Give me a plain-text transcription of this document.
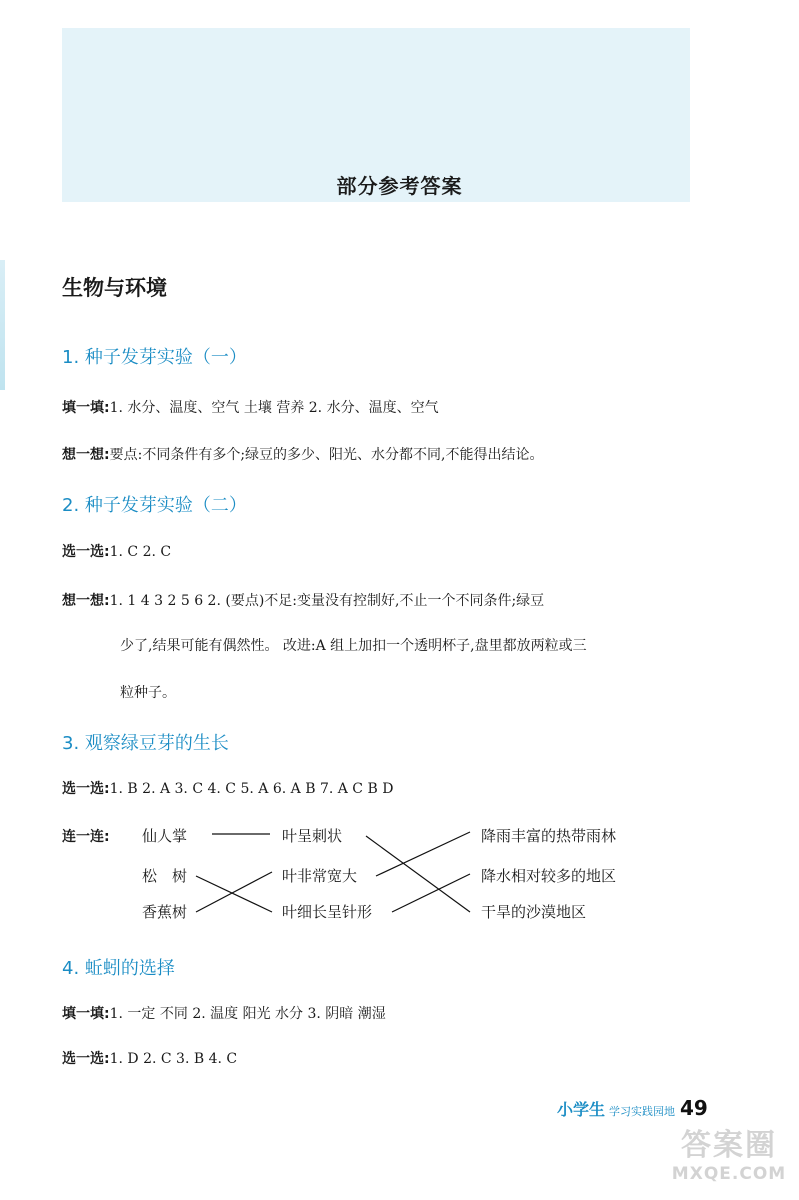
部分参考答案
生物与环境
1. 种子发芽实验（一）
填一填:1. 水分、温度、空气 土壤 营养 2. 水分、温度、空气
想一想:要点:不同条件有多个;绿豆的多少、阳光、水分都不同,不能得出结论。
2. 种子发芽实验（二）
选一选:1. C 2. C
想一想:1. 1 4 3 2 5 6 2. (要点)不足:变量没有控制好,不止一个不同条件;绿豆
少了,结果可能有偶然性。 改进:A 组上加扣一个透明杯子,盘里都放两粒或三
粒种子。
3. 观察绿豆芽的生长
选一选:1. B 2. A 3. C 4. C 5. A 6. A B 7. A C B D
连一连: 仙人掌
松　树
香蕉树
叶呈刺状
叶非常宽大
叶细长呈针形
降雨丰富的热带雨林
降水相对较多的地区
干旱的沙漠地区
4. 蚯蚓的选择
填一填:1. 一定 不同 2. 温度 阳光 水分 3. 阴暗 潮湿
选一选:1. D 2. C 3. B 4. C
小学生 学习实践园地 49
答案圈
MXQE.COM
